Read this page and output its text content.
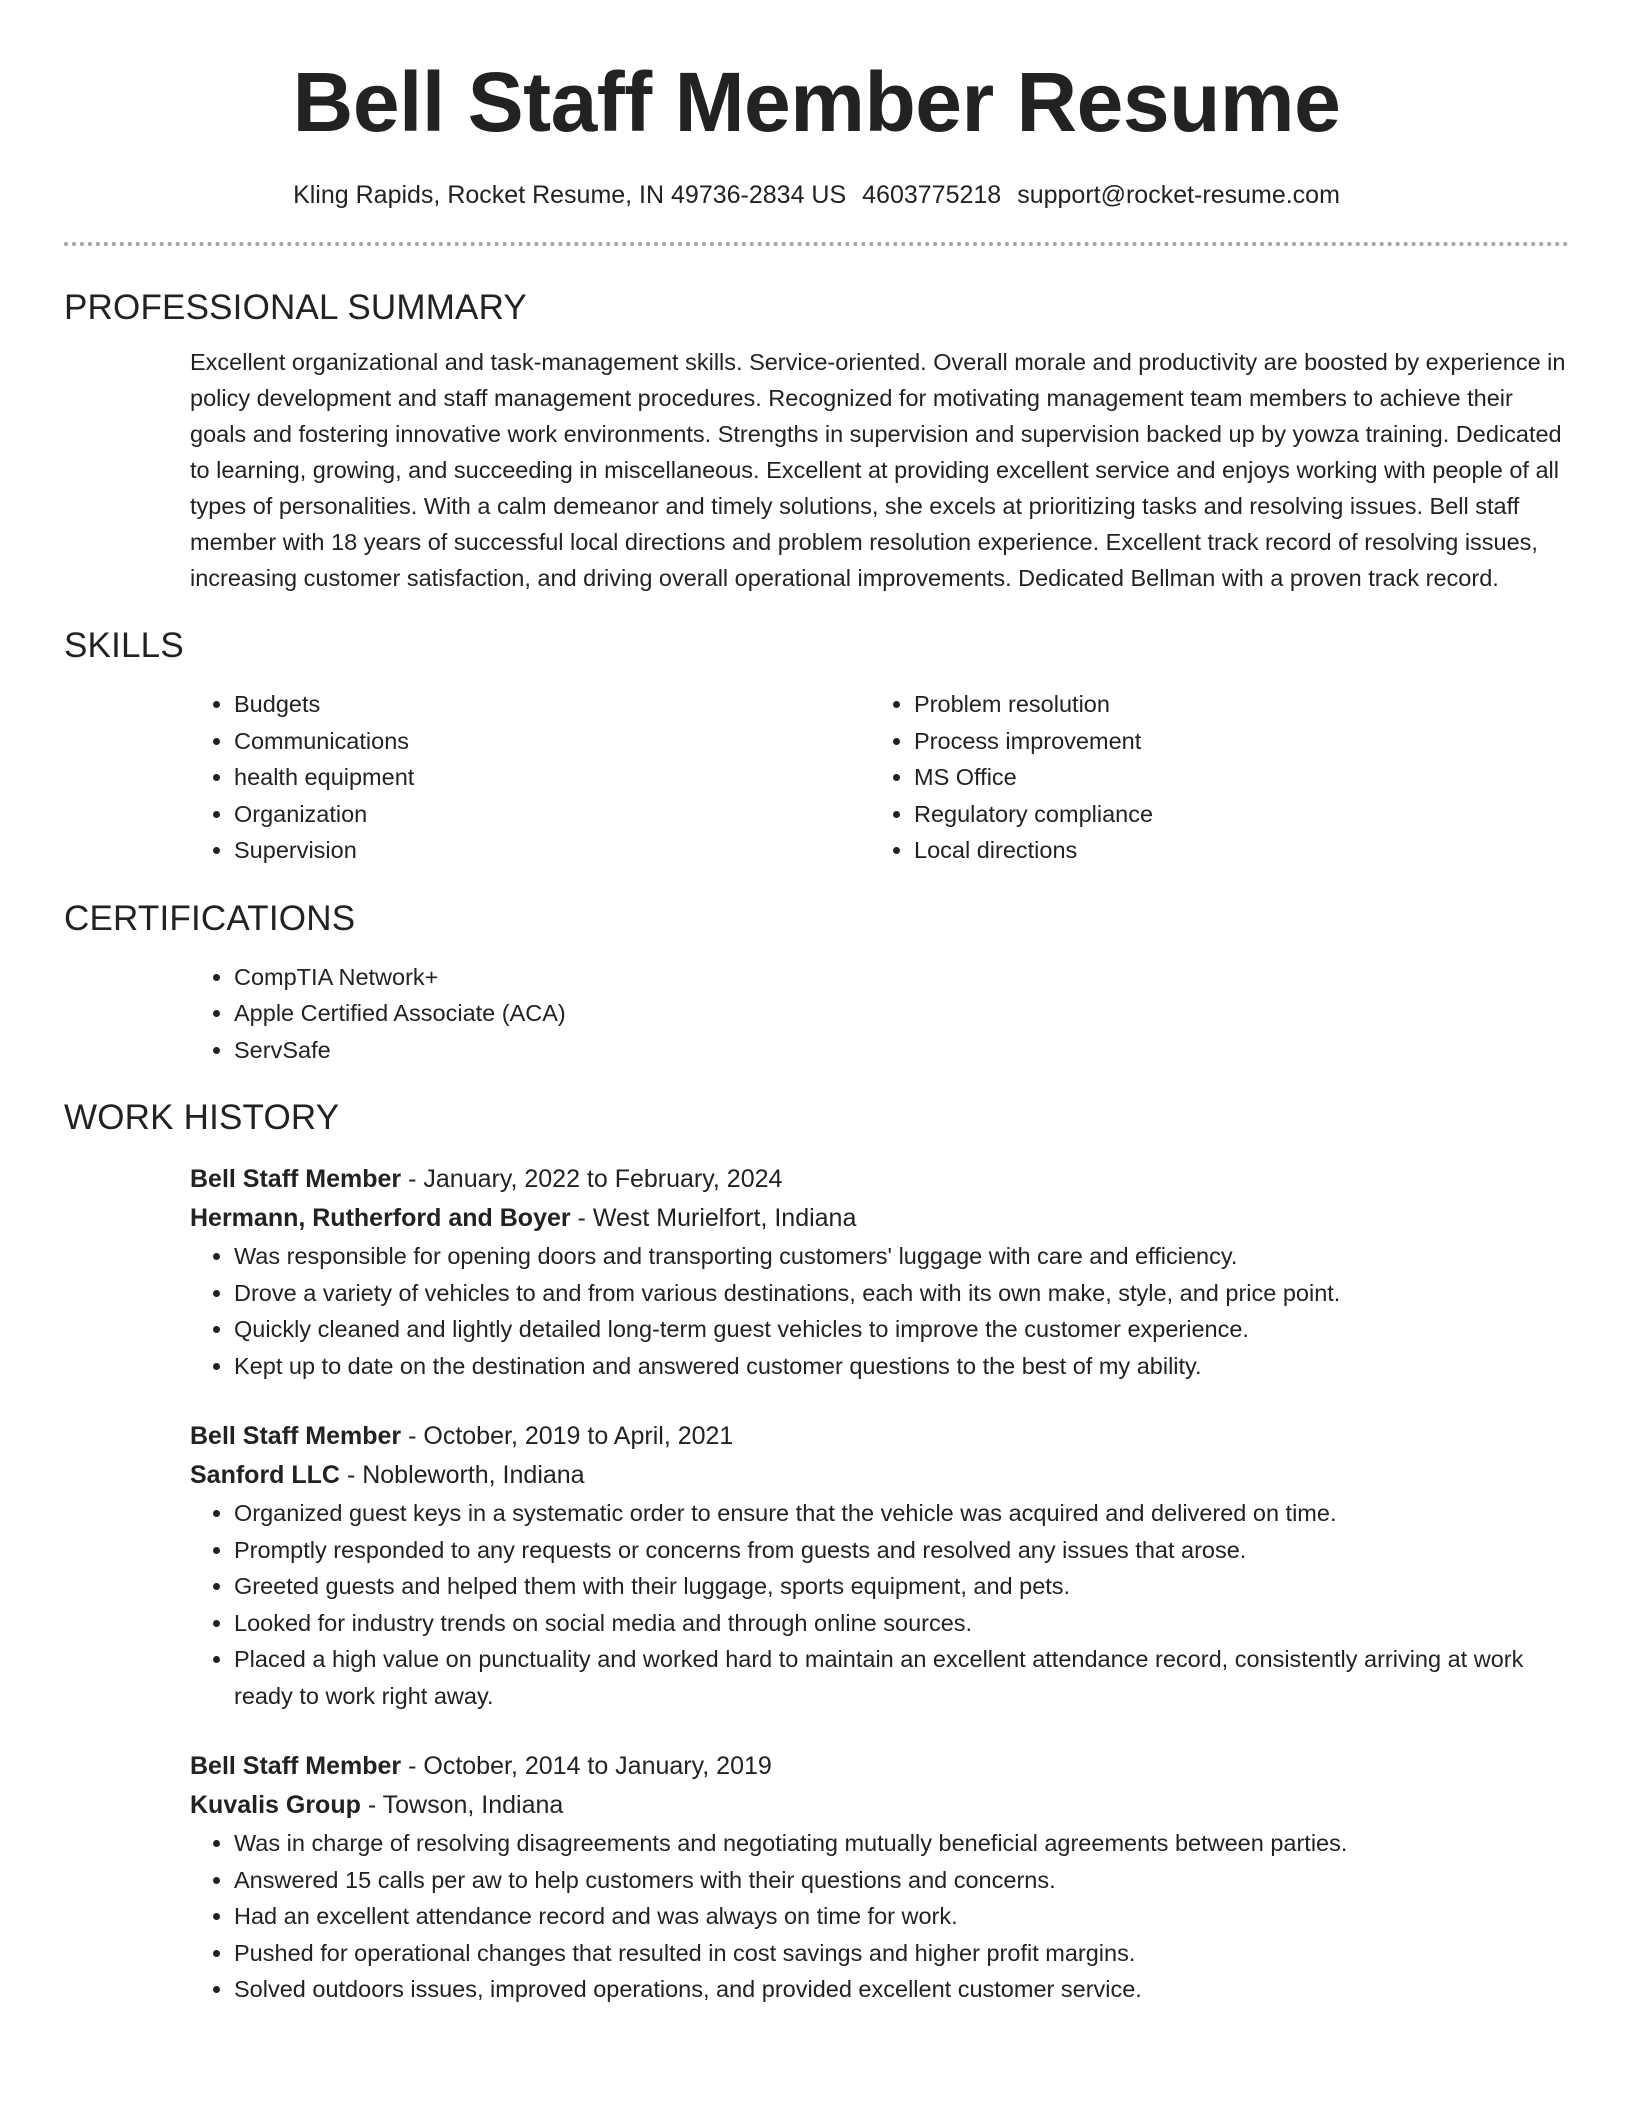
Bell Staff Member Resume
Kling Rapids, Rocket Resume, IN 49736-2834 US 4603775218 support@rocket-resume.com
PROFESSIONAL SUMMARY

Excellent organizational and task-management skills. Service-oriented. Overall morale and productivity are boosted by experience in policy development and staff management procedures. Recognized for motivating management team members to achieve their goals and fostering innovative work environments. Strengths in supervision and supervision backed up by yowza training. Dedicated to learning, growing, and succeeding in miscellaneous. Excellent at providing excellent service and enjoys working with people of all types of personalities. With a calm demeanor and timely solutions, she excels at prioritizing tasks and resolving issues. Bell staff member with 18 years of successful local directions and problem resolution experience. Excellent track record of resolving issues, increasing customer satisfaction, and driving overall operational improvements. Dedicated Bellman with a proven track record.

SKILLS
• Budgets
• Communications
• health equipment
• Organization
• Supervision
• Problem resolution
• Process improvement
• MS Office
• Regulatory compliance
• Local directions
CERTIFICATIONS
• CompTIA Network+
• Apple Certified Associate (ACA)
• ServSafe
WORK HISTORY
Bell Staff Member - January, 2022 to February, 2024
Hermann, Rutherford and Boyer - West Murielfort, Indiana
• Was responsible for opening doors and transporting customers' luggage with care and efficiency.
• Drove a variety of vehicles to and from various destinations, each with its own make, style, and price point.
• Quickly cleaned and lightly detailed long-term guest vehicles to improve the customer experience.
• Kept up to date on the destination and answered customer questions to the best of my ability.
Bell Staff Member - October, 2019 to April, 2021
Sanford LLC - Nobleworth, Indiana
• Organized guest keys in a systematic order to ensure that the vehicle was acquired and delivered on time.
• Promptly responded to any requests or concerns from guests and resolved any issues that arose.
• Greeted guests and helped them with their luggage, sports equipment, and pets.
• Looked for industry trends on social media and through online sources.
• Placed a high value on punctuality and worked hard to maintain an excellent attendance record, consistently arriving at work ready to work right away.
Bell Staff Member - October, 2014 to January, 2019
Kuvalis Group - Towson, Indiana
• Was in charge of resolving disagreements and negotiating mutually beneficial agreements between parties.
• Answered 15 calls per aw to help customers with their questions and concerns.
• Had an excellent attendance record and was always on time for work.
• Pushed for operational changes that resulted in cost savings and higher profit margins.
• Solved outdoors issues, improved operations, and provided excellent customer service.
